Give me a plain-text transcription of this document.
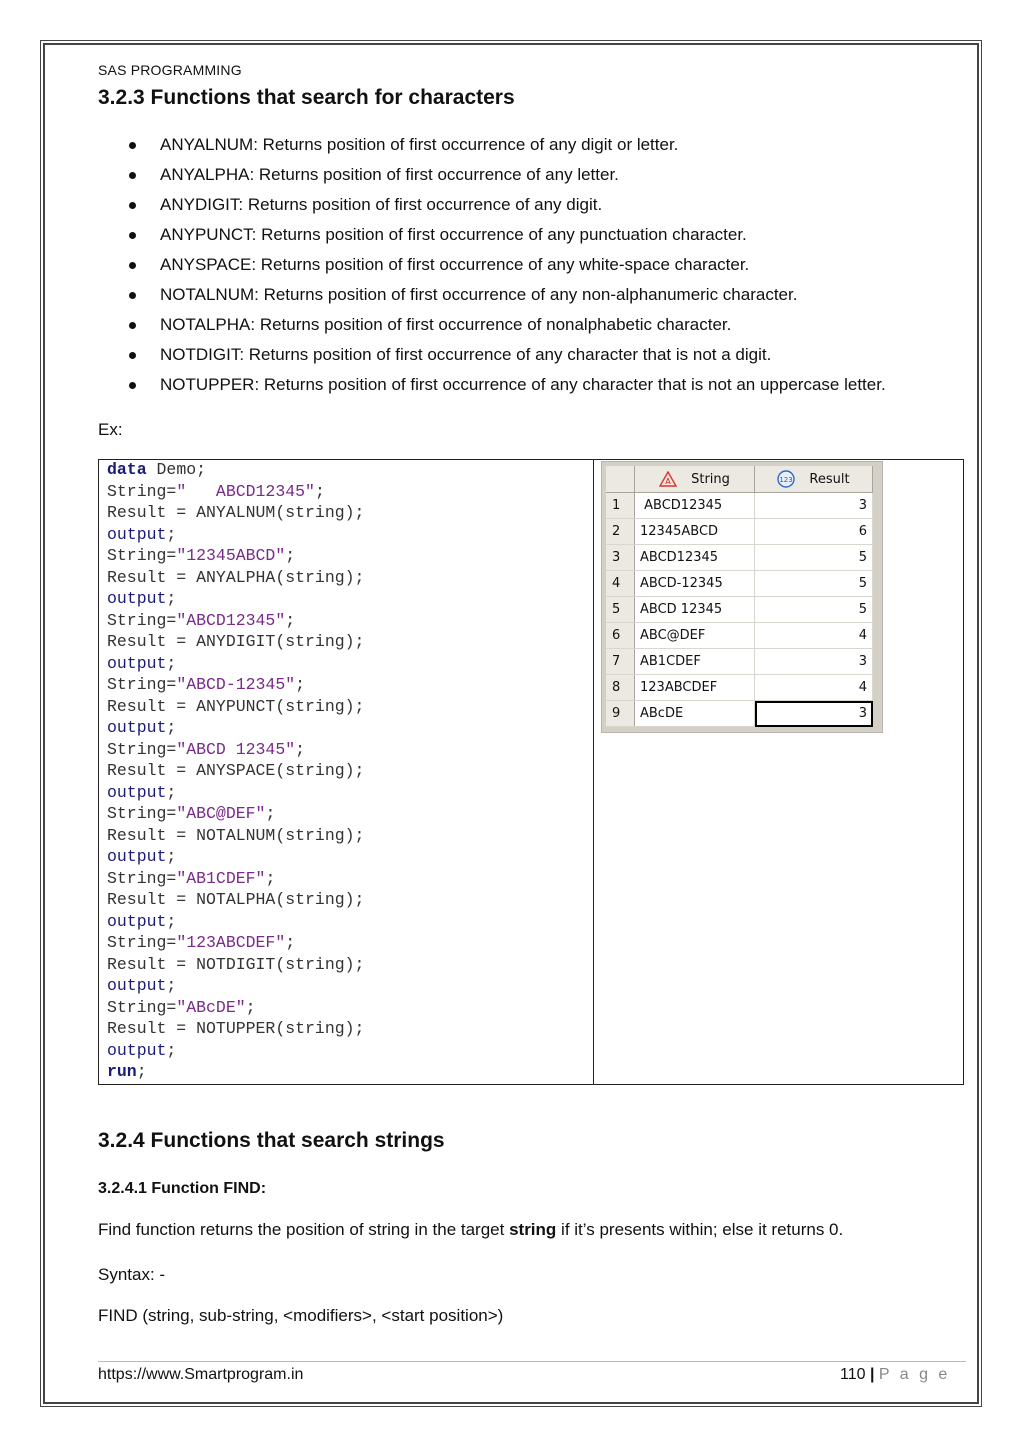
SAS PROGRAMMING
3.2.3 Functions that search for characters
ANYALNUM: Returns position of first occurrence of any digit or letter.
ANYALPHA: Returns position of first occurrence of any letter.
ANYDIGIT: Returns position of first occurrence of any digit.
ANYPUNCT: Returns position of first occurrence of any punctuation character.
ANYSPACE: Returns position of first occurrence of any white-space character.
NOTALNUM: Returns position of first occurrence of any non-alphanumeric character.
NOTALPHA: Returns position of first occurrence of nonalphabetic character.
NOTDIGIT: Returns position of first occurrence of any character that is not a digit.
NOTUPPER: Returns position of first occurrence of any character that is not an uppercase letter.
Ex:
data Demo;
String="   ABCD12345";
Result = ANYALNUM(string);
output;
String="12345ABCD";
Result = ANYALPHA(string);
output;
String="ABCD12345";
Result = ANYDIGIT(string);
output;
String="ABCD-12345";
Result = ANYPUNCT(string);
output;
String="ABCD 12345";
Result = ANYSPACE(string);
output;
String="ABC@DEF";
Result = NOTALNUM(string);
output;
String="AB1CDEF";
Result = NOTALPHA(string);
output;
String="123ABCDEF";
Result = NOTDIGIT(string);
output;
String="ABcDE";
Result = NOTUPPER(string);
output;
run;

A String	123 Result

1	ABCD12345	3
2	12345ABCD	6
3	ABCD12345	5
4	ABCD-12345	5
5	ABCD 12345	5
6	ABC@DEF	4
7	AB1CDEF	3
8	123ABCDEF	4
9	ABcDE	3
3.2.4 Functions that search strings
3.2.4.1 Function FIND:
Find function returns the position of string in the target string if it’s presents within; else it returns 0.
Syntax: -
FIND (string, sub-string, <modifiers>, <start position>)
https://www.Smartprogram.in	110 | P a g e
